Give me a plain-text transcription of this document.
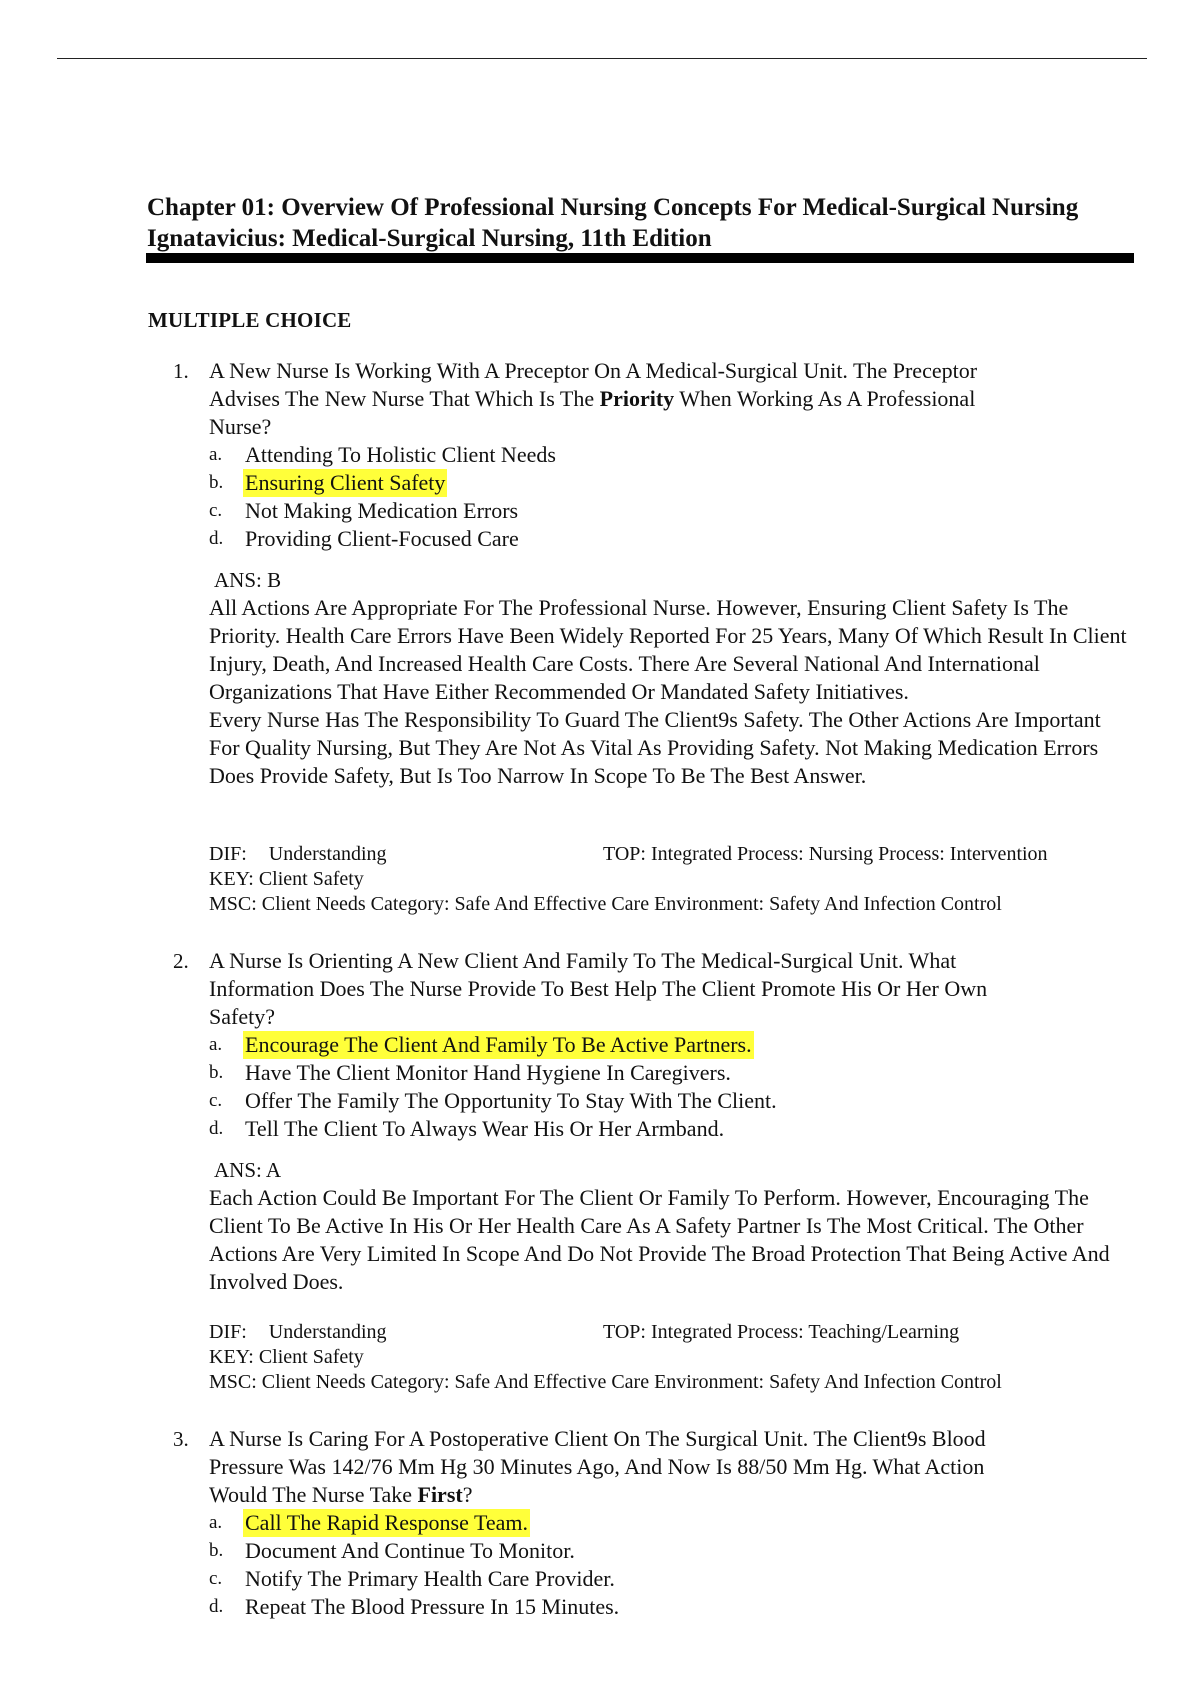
Chapter 01: Overview Of Professional Nursing Concepts For Medical-Surgical Nursing
Ignatavicius: Medical-Surgical Nursing, 11th Edition
MULTIPLE CHOICE
1. A New Nurse Is Working With A Preceptor On A Medical-Surgical Unit. The Preceptor
Advises The New Nurse That Which Is The Priority When Working As A Professional
Nurse?
a.	Attending To Holistic Client Needs
b. Ensuring Client Safety
c.	Not Making Medication Errors
d. Providing Client-Focused Care
ANS: B

All Actions Are Appropriate For The Professional Nurse. However, Ensuring Client Safety Is The Priority. Health Care Errors Have Been Widely Reported For 25 Years, Many Of Which Result In Client Injury, Death, And Increased Health Care Costs. There Are Several National And International Organizations That Have Either Recommended Or Mandated Safety Initiatives.

Every Nurse Has The Responsibility To Guard The Client9s Safety. The Other Actions Are Important For Quality Nursing, But They Are Not As Vital As Providing Safety. Not Making Medication Errors Does Provide Safety, But Is Too Narrow In Scope To Be The Best Answer.

DIF: Understanding	TOP: Integrated Process: Nursing Process: Intervention
KEY: Client Safety
MSC: Client Needs Category: Safe And Effective Care Environment: Safety And Infection Control
2. A Nurse Is Orienting A New Client And Family To The Medical-Surgical Unit. What
Information Does The Nurse Provide To Best Help The Client Promote His Or Her Own
Safety?
a.	Encourage The Client And Family To Be Active Partners.
b. Have The Client Monitor Hand Hygiene In Caregivers.
c.	Offer The Family The Opportunity To Stay With The Client.
d. Tell The Client To Always Wear His Or Her Armband.
ANS: A

Each Action Could Be Important For The Client Or Family To Perform. However, Encouraging The Client To Be Active In His Or Her Health Care As A Safety Partner Is The Most Critical. The Other Actions Are Very Limited In Scope And Do Not Provide The Broad Protection That Being Active And Involved Does.

DIF: Understanding	TOP: Integrated Process: Teaching/Learning
KEY: Client Safety
MSC: Client Needs Category: Safe And Effective Care Environment: Safety And Infection Control
3. A Nurse Is Caring For A Postoperative Client On The Surgical Unit. The Client9s Blood
Pressure Was 142/76 Mm Hg 30 Minutes Ago, And Now Is 88/50 Mm Hg. What Action
Would The Nurse Take First?
a.	Call The Rapid Response Team.
b. Document And Continue To Monitor.
c.	Notify The Primary Health Care Provider.
d. Repeat The Blood Pressure In 15 Minutes.
